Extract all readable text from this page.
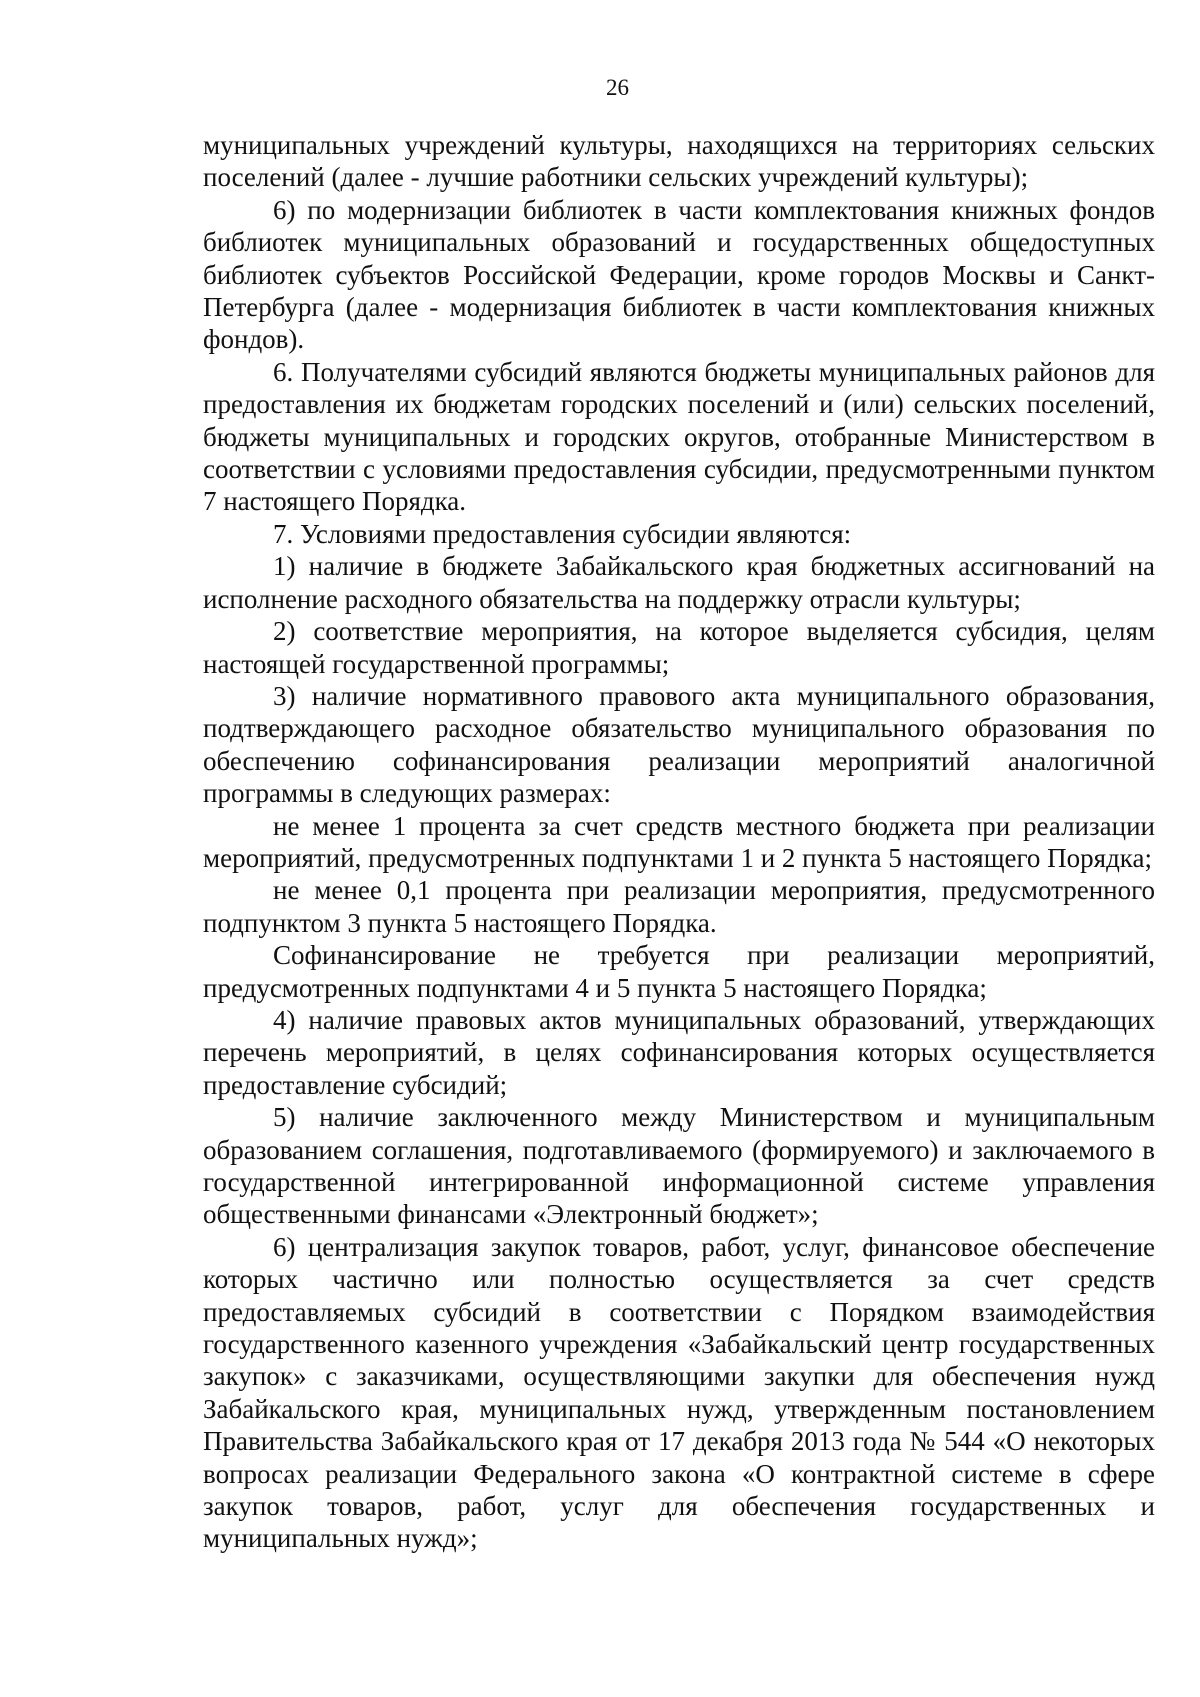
26

муниципальных учреждений культуры, находящихся на территориях сельских поселений (далее - лучшие работники сельских учреждений культуры);

6) по модернизации библиотек в части комплектования книжных фондов библиотек муниципальных образований и государственных общедоступных библиотек субъектов Российской Федерации, кроме городов Москвы и Санкт-Петербурга (далее - модернизация библиотек в части комплектования книжных фондов).

6. Получателями субсидий являются бюджеты муниципальных районов для предоставления их бюджетам городских поселений и (или) сельских поселений, бюджеты муниципальных и городских округов, отобранные Министерством в соответствии с условиями предоставления субсидии, предусмотренными пунктом 7 настоящего Порядка.

7. Условиями предоставления субсидии являются:

1) наличие в бюджете Забайкальского края бюджетных ассигнований на исполнение расходного обязательства на поддержку отрасли культуры;

2) соответствие мероприятия, на которое выделяется субсидия, целям настоящей государственной программы;

3) наличие нормативного правового акта муниципального образования, подтверждающего расходное обязательство муниципального образования по обеспечению софинансирования реализации мероприятий аналогичной программы в следующих размерах:

не менее 1 процента за счет средств местного бюджета при реализации мероприятий, предусмотренных подпунктами 1 и 2 пункта 5 настоящего Порядка;

не менее 0,1 процента при реализации мероприятия, предусмотренного подпунктом 3 пункта 5 настоящего Порядка.

Софинансирование не требуется при реализации мероприятий, предусмотренных подпунктами 4 и 5 пункта 5 настоящего Порядка;

4) наличие правовых актов муниципальных образований, утверждающих перечень мероприятий, в целях софинансирования которых осуществляется предоставление субсидий;

5) наличие заключенного между Министерством и муниципальным образованием соглашения, подготавливаемого (формируемого) и заключаемого в государственной интегрированной информационной системе управления общественными финансами «Электронный бюджет»;

6) централизация закупок товаров, работ, услуг, финансовое обеспечение которых частично или полностью осуществляется за счет средств предоставляемых субсидий в соответствии с Порядком взаимодействия государственного казенного учреждения «Забайкальский центр государственных закупок» с заказчиками, осуществляющими закупки для обеспечения нужд Забайкальского края, муниципальных нужд, утвержденным постановлением Правительства Забайкальского края от 17 декабря 2013 года № 544 «О некоторых вопросах реализации Федерального закона «О контрактной системе в сфере закупок товаров, работ, услуг для обеспечения государственных и муниципальных нужд»;
